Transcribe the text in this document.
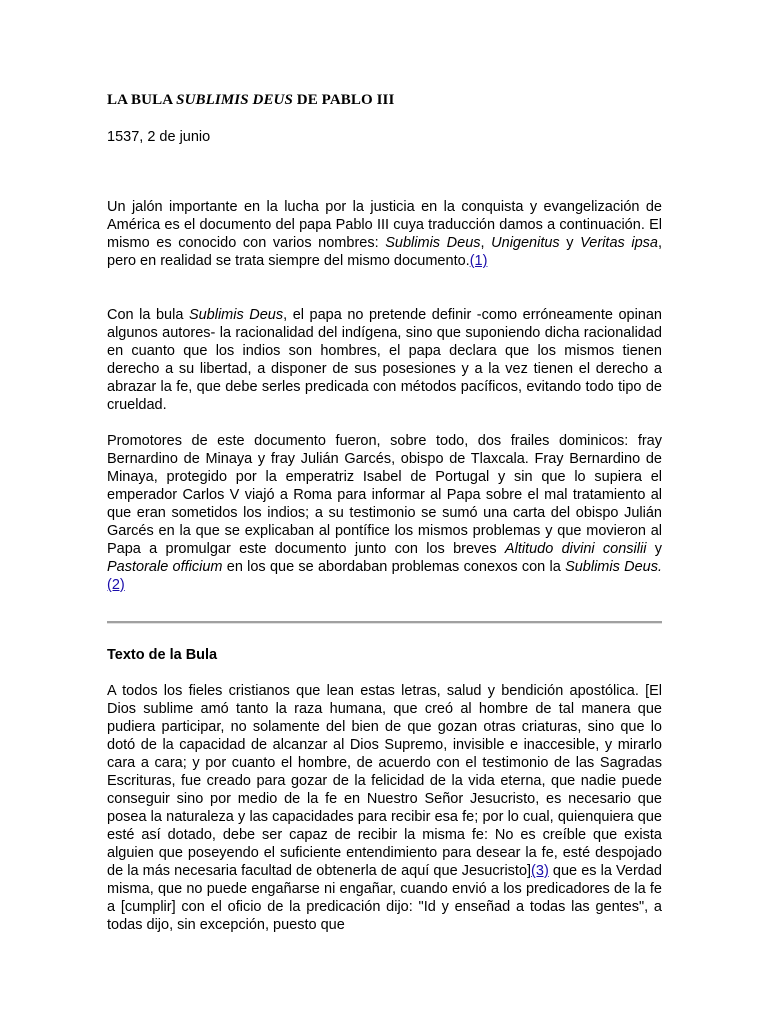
LA BULA SUBLIMIS DEUS DE PABLO III

1537, 2 de junio

Un jalón importante en la lucha por la justicia en la conquista y evangelización de América es el documento del papa Pablo III cuya traducción damos a continuación. El mismo es conocido con varios nombres: Sublimis Deus, Unigenitus y Veritas ipsa, pero en realidad se trata siempre del mismo documento.(1)

Con la bula Sublimis Deus, el papa no pretende definir -como erróneamente opinan algunos autores- la racionalidad del indígena, sino que suponiendo dicha racionalidad en cuanto que los indios son hombres, el papa declara que los mismos tienen derecho a su libertad, a disponer de sus posesiones y a la vez tienen el derecho a abrazar la fe, que debe serles predicada con métodos pacíficos, evitando todo tipo de crueldad.

Promotores de este documento fueron, sobre todo, dos frailes dominicos: fray Bernardino de Minaya y fray Julián Garcés, obispo de Tlaxcala. Fray Bernardino de Minaya, protegido por la emperatriz Isabel de Portugal y sin que lo supiera el emperador Carlos V viajó a Roma para informar al Papa sobre el mal tratamiento al que eran sometidos los indios; a su testimonio se sumó una carta del obispo Julián Garcés en la que se explicaban al pontífice los mismos problemas y que movieron al Papa a promulgar este documento junto con los breves Altitudo divini consilii y Pastorale officium en los que se abordaban problemas conexos con la Sublimis Deus.(2)

Texto de la Bula

A todos los fieles cristianos que lean estas letras, salud y bendición apostólica. [El Dios sublime amó tanto la raza humana, que creó al hombre de tal manera que pudiera participar, no solamente del bien de que gozan otras criaturas, sino que lo dotó de la capacidad de alcanzar al Dios Supremo, invisible e inaccesible, y mirarlo cara a cara; y por cuanto el hombre, de acuerdo con el testimonio de las Sagradas Escrituras, fue creado para gozar de la felicidad de la vida eterna, que nadie puede conseguir sino por medio de la fe en Nuestro Señor Jesucristo, es necesario que posea la naturaleza y las capacidades para recibir esa fe; por lo cual, quienquiera que esté así dotado, debe ser capaz de recibir la misma fe: No es creíble que exista alguien que poseyendo el suficiente entendimiento para desear la fe, esté despojado de la más necesaria facultad de obtenerla de aquí que Jesucristo](3) que es la Verdad misma, que no puede engañarse ni engañar, cuando envió a los predicadores de la fe a [cumplir] con el oficio de la predicación dijo: "Id y enseñad a todas las gentes", a todas dijo, sin excepción, puesto que
